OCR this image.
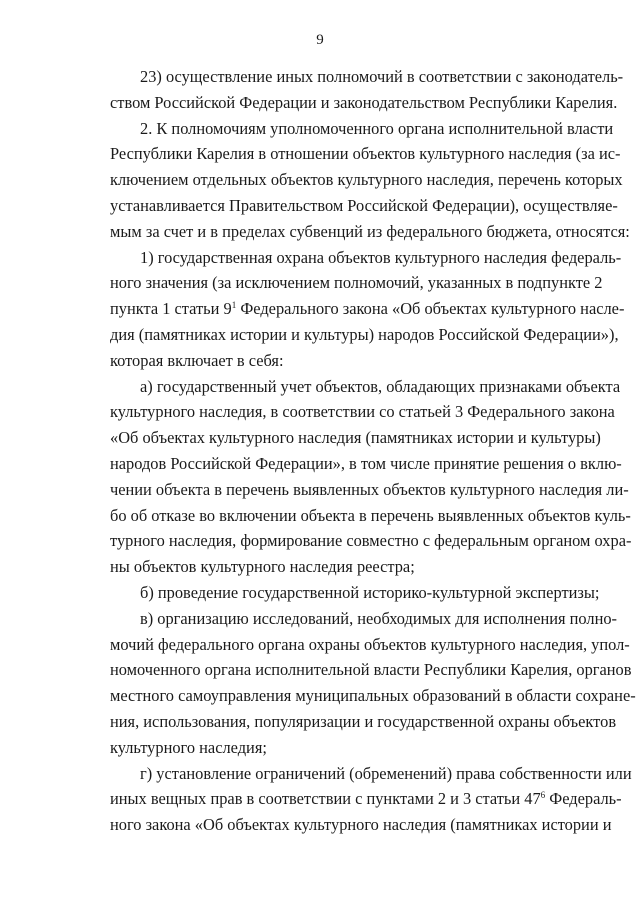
9
23) осуществление иных полномочий в соответствии с законодатель-
ством Российской Федерации и законодательством Республики Карелия.
2. К полномочиям уполномоченного органа исполнительной власти
Республики Карелия в отношении объектов культурного наследия (за ис-
ключением отдельных объектов культурного наследия, перечень которых
устанавливается Правительством Российской Федерации), осуществляе-
мым за счет и в пределах субвенций из федерального бюджета, относятся:
1) государственная охрана объектов культурного наследия федераль-
ного значения (за исключением полномочий, указанных в подпункте 2
пункта 1 статьи $9^1$ Федерального закона «Об объектах культурного насле-
дия (памятниках истории и культуры) народов Российской Федерации»),
которая включает в себя:
а) государственный учет объектов, обладающих признаками объекта
культурного наследия, в соответствии со статьей 3 Федерального закона
«Об объектах культурного наследия (памятниках истории и культуры)
народов Российской Федерации», в том числе принятие решения о вклю-
чении объекта в перечень выявленных объектов культурного наследия ли-
бо об отказе во включении объекта в перечень выявленных объектов куль-
турного наследия, формирование совместно с федеральным органом охра-
ны объектов культурного наследия реестра;
б) проведение государственной историко-культурной экспертизы;
в) организацию исследований, необходимых для исполнения полно-
мочий федерального органа охраны объектов культурного наследия, упол-
номоченного органа исполнительной власти Республики Карелия, органов
местного самоуправления муниципальных образований в области сохране-
ния, использования, популяризации и государственной охраны объектов
культурного наследия;
г) установление ограничений (обременений) права собственности или
иных вещных прав в соответствии с пунктами 2 и 3 статьи $47^6$ Федераль-
ного закона «Об объектах культурного наследия (памятниках истории и
